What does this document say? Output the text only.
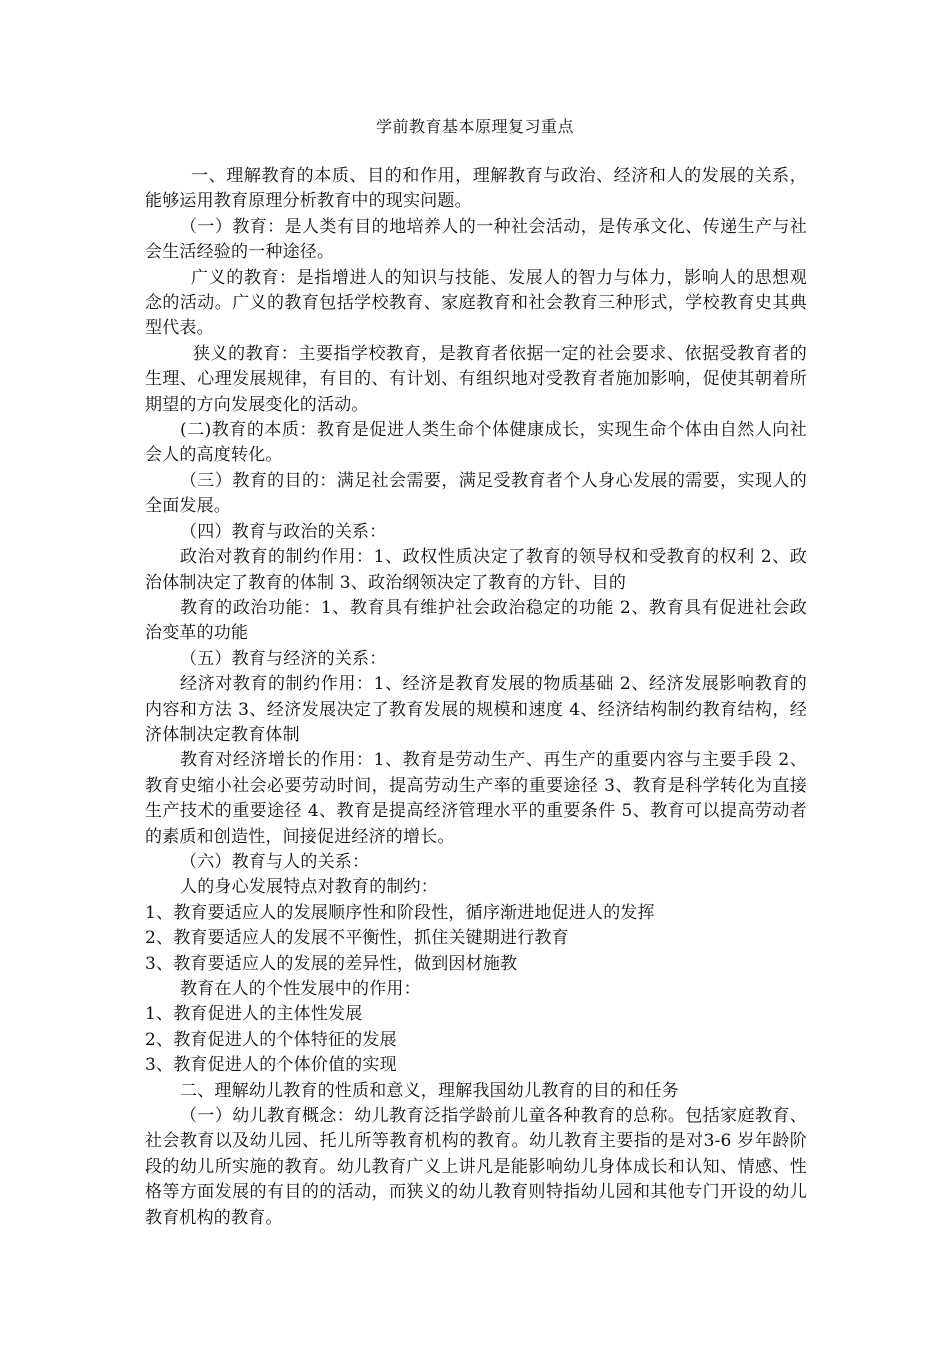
学前教育基本原理复习重点

一、理解教育的本质、目的和作用，理解教育与政治、经济和人的发展的关系，能够运用教育原理分析教育中的现实问题。

（一）教育：是人类有目的地培养人的一种社会活动，是传承文化、传递生产与社会生活经验的一种途径。

广义的教育：是指增进人的知识与技能、发展人的智力与体力，影响人的思想观念的活动。广义的教育包括学校教育、家庭教育和社会教育三种形式，学校教育史其典型代表。

狭义的教育：主要指学校教育，是教育者依据一定的社会要求、依据受教育者的生理、心理发展规律，有目的、有计划、有组织地对受教育者施加影响，促使其朝着所期望的方向发展变化的活动。

(二)教育的本质：教育是促进人类生命个体健康成长，实现生命个体由自然人向社会人的高度转化。

（三）教育的目的：满足社会需要，满足受教育者个人身心发展的需要，实现人的全面发展。

（四）教育与政治的关系：

政治对教育的制约作用：1、政权性质决定了教育的领导权和受教育的权利 2、政治体制决定了教育的体制 3、政治纲领决定了教育的方针、目的

教育的政治功能：1、教育具有维护社会政治稳定的功能 2、教育具有促进社会政治变革的功能

（五）教育与经济的关系：

经济对教育的制约作用：1、经济是教育发展的物质基础 2、经济发展影响教育的内容和方法 3、经济发展决定了教育发展的规模和速度 4、经济结构制约教育结构，经济体制决定教育体制

教育对经济增长的作用：1、教育是劳动生产、再生产的重要内容与主要手段 2、教育史缩小社会必要劳动时间，提高劳动生产率的重要途径 3、教育是科学转化为直接生产技术的重要途径 4、教育是提高经济管理水平的重要条件 5、教育可以提高劳动者的素质和创造性，间接促进经济的增长。

（六）教育与人的关系：

人的身心发展特点对教育的制约：

1、教育要适应人的发展顺序性和阶段性，循序渐进地促进人的发挥

2、教育要适应人的发展不平衡性，抓住关键期进行教育

3、教育要适应人的发展的差异性，做到因材施教

教育在人的个性发展中的作用：

1、教育促进人的主体性发展

2、教育促进人的个体特征的发展

3、教育促进人的个体价值的实现

二、理解幼儿教育的性质和意义，理解我国幼儿教育的目的和任务

（一）幼儿教育概念：幼儿教育泛指学龄前儿童各种教育的总称。包括家庭教育、社会教育以及幼儿园、托儿所等教育机构的教育。幼儿教育主要指的是对3-6 岁年龄阶段的幼儿所实施的教育。幼儿教育广义上讲凡是能影响幼儿身体成长和认知、情感、性格等方面发展的有目的的活动，而狭义的幼儿教育则特指幼儿园和其他专门开设的幼儿教育机构的教育。
